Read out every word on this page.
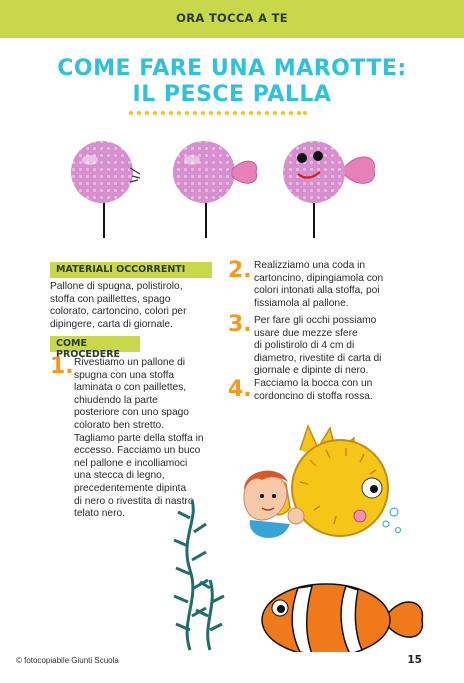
ORA TOCCA A TE
COME FARE UNA MAROTTE:
IL PESCE PALLA
MATERIALI OCCORRENTI
Pallone di spugna, polistirolo,
stoffa con paillettes, spago
colorato, cartoncino, colori per
dipingere, carta di giornale.
COME PROCEDERE
1. Rivestiamo un pallone di
spugna con una stoffa
laminata o con paillettes,
chiudendo la parte
posteriore con uno spago
colorato ben stretto.
Tagliamo parte della stoffa in
eccesso. Facciamo un buco
nel pallone e incolliamoci
una stecca di legno,
precedentemente dipinta
di nero o rivestita di nastro
telato nero.
2. Realizziamo una coda in
cartoncino, dipingiamola con
colori intonati alla stoffa, poi
fissiamola al pallone.
3. Per fare gli occhi possiamo
usare due mezze sfere
di polistirolo di 4 cm di
diametro, rivestite di carta di
giornale e dipinte di nero.
4. Facciamo la bocca con un
cordoncino di stoffa rossa.
© fotocopiabile Giunti Scuola	15
